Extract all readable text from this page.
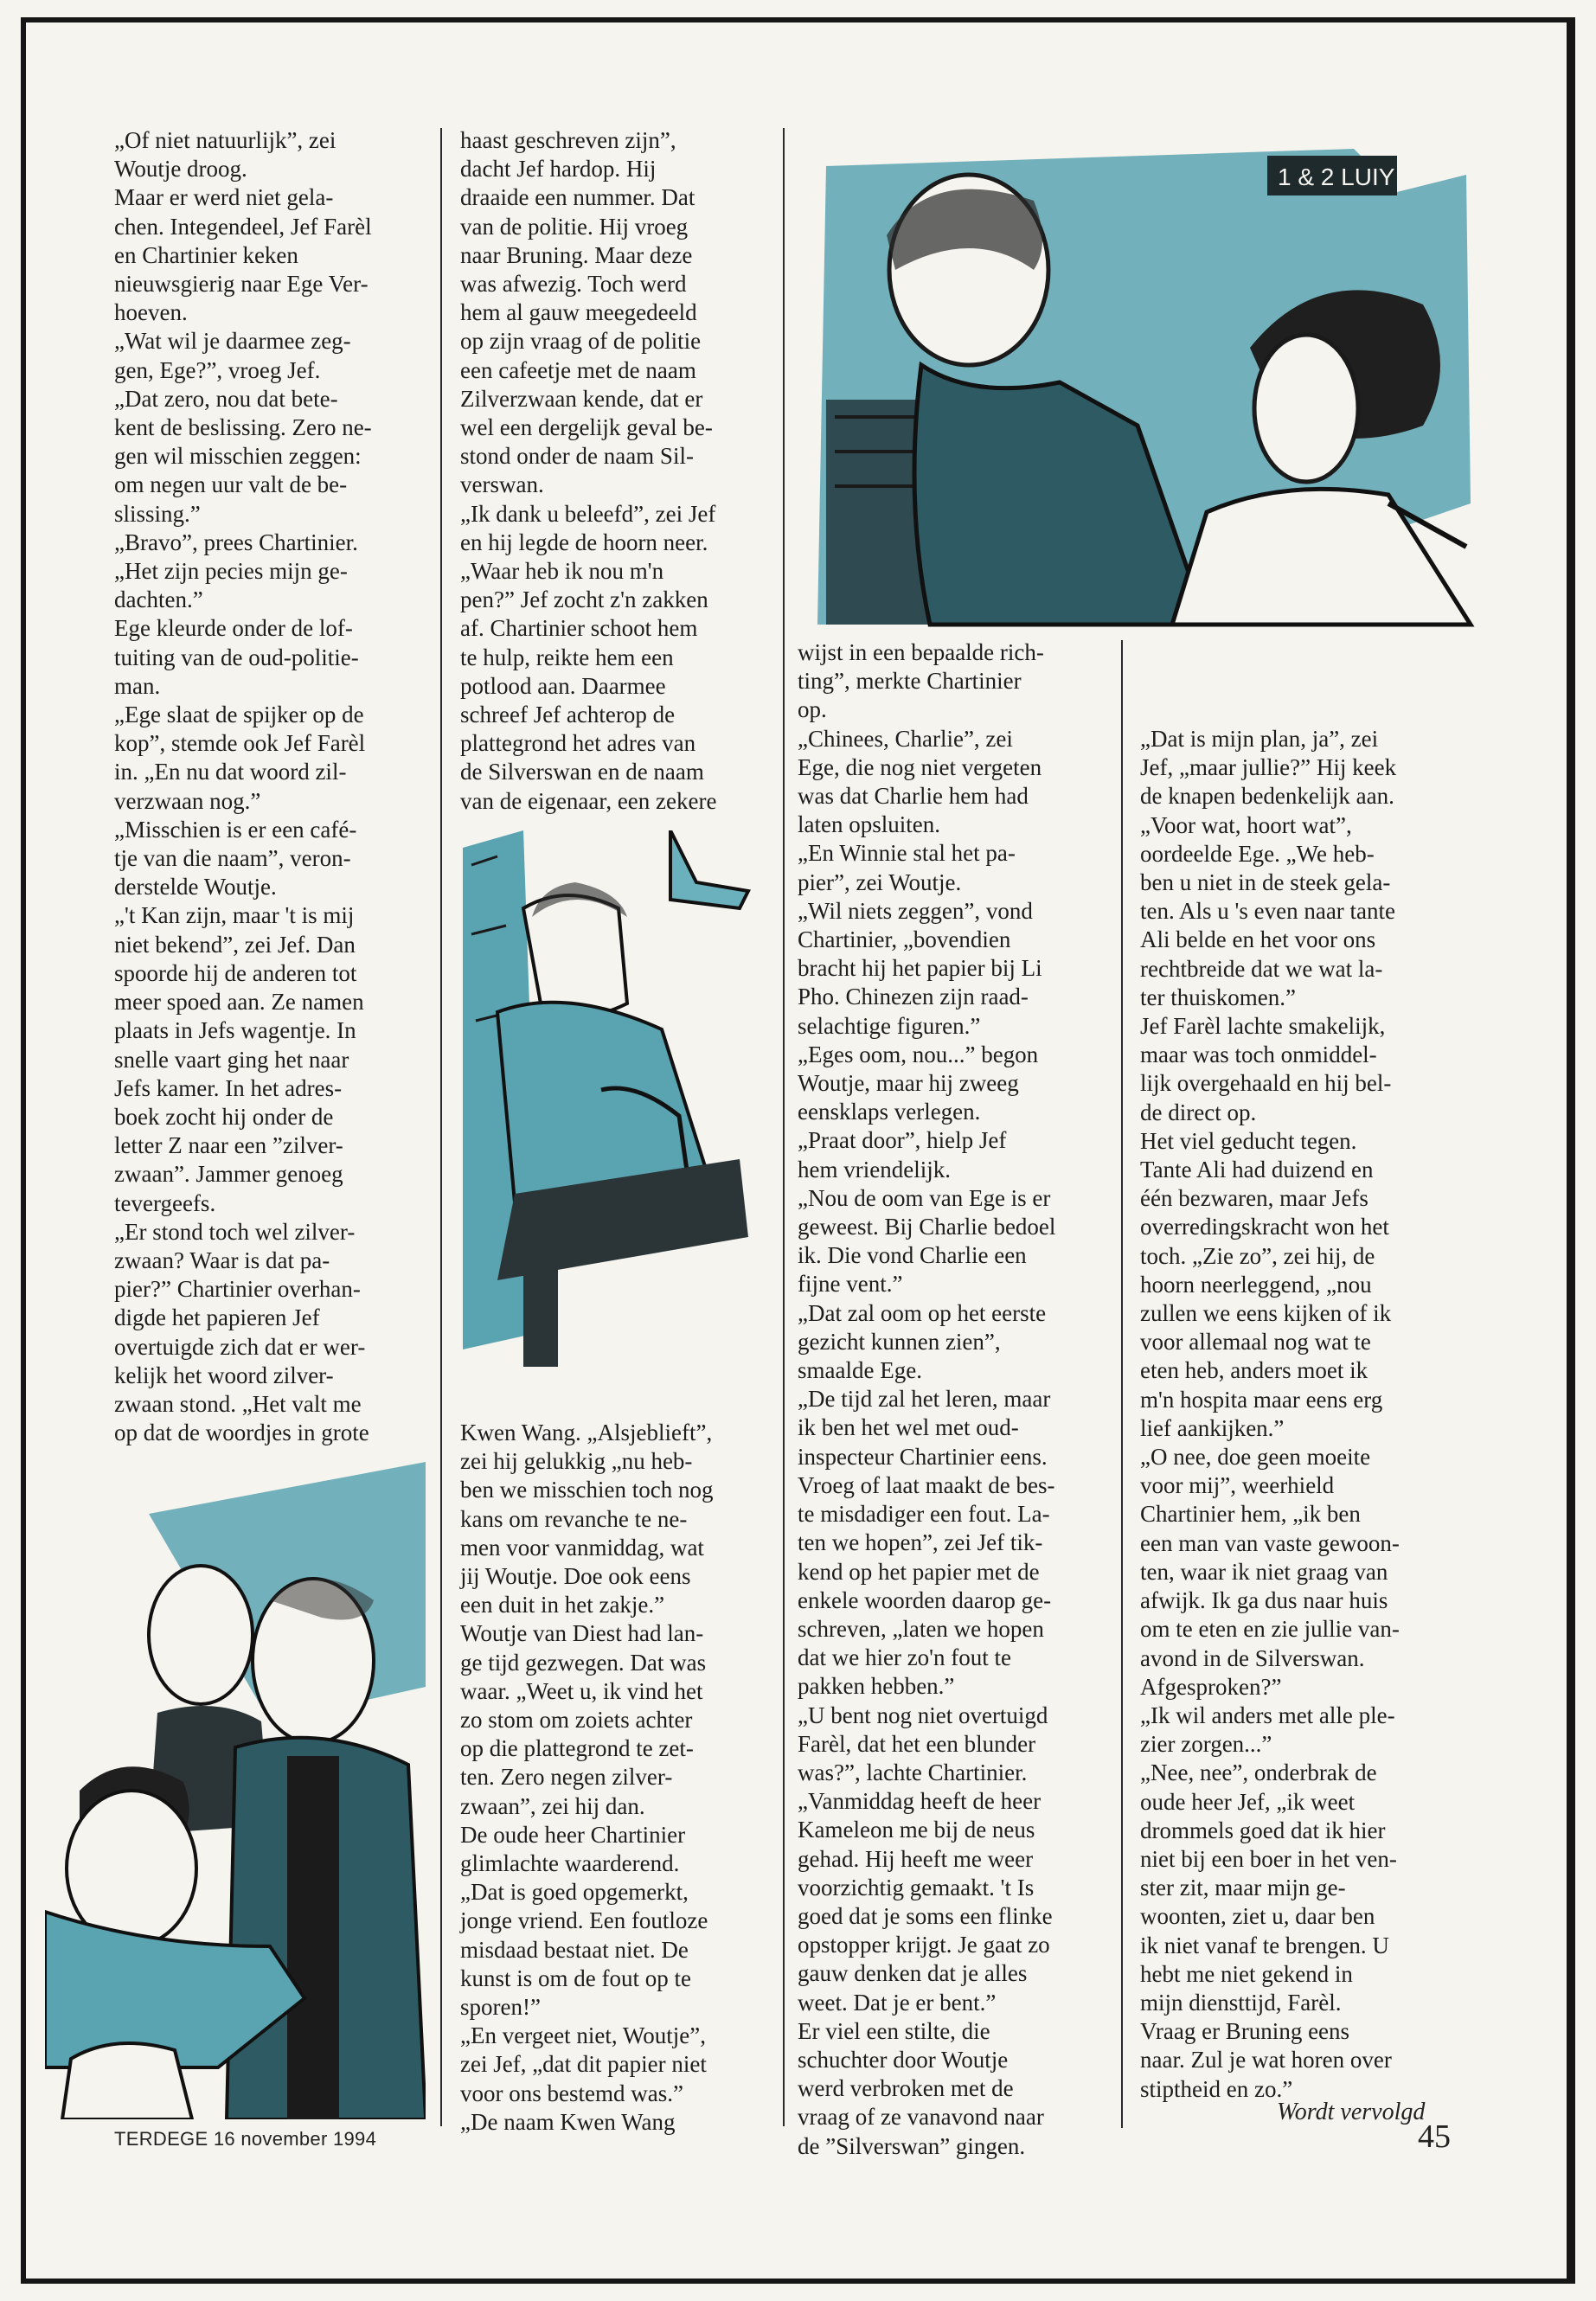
„Of niet natuurlijk”, zei
Woutje droog.
Maar er werd niet gela-
chen. Integendeel, Jef Farèl
en Chartinier keken
nieuwsgierig naar Ege Ver-
hoeven.
„Wat wil je daarmee zeg-
gen, Ege?”, vroeg Jef.
„Dat zero, nou dat bete-
kent de beslissing. Zero ne-
gen wil misschien zeggen:
om negen uur valt de be-
slissing.”
„Bravo”, prees Chartinier.
„Het zijn pecies mijn ge-
dachten.”
Ege kleurde onder de lof-
tuiting van de oud-politie-
man.
„Ege slaat de spijker op de
kop”, stemde ook Jef Farèl
in. „En nu dat woord zil-
verzwaan nog.”
„Misschien is er een café-
tje van die naam”, veron-
derstelde Woutje.
„'t Kan zijn, maar 't is mij
niet bekend”, zei Jef. Dan
spoorde hij de anderen tot
meer spoed aan. Ze namen
plaats in Jefs wagentje. In
snelle vaart ging het naar
Jefs kamer. In het adres-
boek zocht hij onder de
letter Z naar een ”zilver-
zwaan”. Jammer genoeg
tevergeefs.
„Er stond toch wel zilver-
zwaan? Waar is dat pa-
pier?” Chartinier overhan-
digde het papieren Jef
overtuigde zich dat er wer-
kelijk het woord zilver-
zwaan stond. „Het valt me
op dat de woordjes in grote

haast geschreven zijn”,
dacht Jef hardop. Hij
draaide een nummer. Dat
van de politie. Hij vroeg
naar Bruning. Maar deze
was afwezig. Toch werd
hem al gauw meegedeeld
op zijn vraag of de politie
een cafeetje met de naam
Zilverzwaan kende, dat er
wel een dergelijk geval be-
stond onder de naam Sil-
verswan.
„Ik dank u beleefd”, zei Jef
en hij legde de hoorn neer.
„Waar heb ik nou m'n
pen?” Jef zocht z'n zakken
af. Chartinier schoot hem
te hulp, reikte hem een
potlood aan. Daarmee
schreef Jef achterop de
plattegrond het adres van
de Silverswan en de naam
van de eigenaar, een zekere

Kwen Wang. „Alsjeblieft”,
zei hij gelukkig „nu heb-
ben we misschien toch nog
kans om revanche te ne-
men voor vanmiddag, wat
jij Woutje. Doe ook eens
een duit in het zakje.”
Woutje van Diest had lan-
ge tijd gezwegen. Dat was
waar. „Weet u, ik vind het
zo stom om zoiets achter
op die plattegrond te zet-
ten. Zero negen zilver-
zwaan”, zei hij dan.
De oude heer Chartinier
glimlachte waarderend.
„Dat is goed opgemerkt,
jonge vriend. Een foutloze
misdaad bestaat niet. De
kunst is om de fout op te
sporen!”
„En vergeet niet, Woutje”,
zei Jef, „dat dit papier niet
voor ons bestemd was.”
„De naam Kwen Wang

wijst in een bepaalde rich-
ting”, merkte Chartinier
op.
„Chinees, Charlie”, zei
Ege, die nog niet vergeten
was dat Charlie hem had
laten opsluiten.
„En Winnie stal het pa-
pier”, zei Woutje.
„Wil niets zeggen”, vond
Chartinier, „bovendien
bracht hij het papier bij Li
Pho. Chinezen zijn raad-
selachtige figuren.”
„Eges oom, nou...” begon
Woutje, maar hij zweeg
eensklaps verlegen.
„Praat door”, hielp Jef
hem vriendelijk.
„Nou de oom van Ege is er
geweest. Bij Charlie bedoel
ik. Die vond Charlie een
fijne vent.”
„Dat zal oom op het eerste
gezicht kunnen zien”,
smaalde Ege.
„De tijd zal het leren, maar
ik ben het wel met oud-
inspecteur Chartinier eens.
Vroeg of laat maakt de bes-
te misdadiger een fout. La-
ten we hopen”, zei Jef tik-
kend op het papier met de
enkele woorden daarop ge-
schreven, „laten we hopen
dat we hier zo'n fout te
pakken hebben.”
„U bent nog niet overtuigd
Farèl, dat het een blunder
was?”, lachte Chartinier.
„Vanmiddag heeft de heer
Kameleon me bij de neus
gehad. Hij heeft me weer
voorzichtig gemaakt. 't Is
goed dat je soms een flinke
opstopper krijgt. Je gaat zo
gauw denken dat je alles
weet. Dat je er bent.”
Er viel een stilte, die
schuchter door Woutje
werd verbroken met de
vraag of ze vanavond naar
de ”Silverswan” gingen.

„Dat is mijn plan, ja”, zei
Jef, „maar jullie?” Hij keek
de knapen bedenkelijk aan.
„Voor wat, hoort wat”,
oordeelde Ege. „We heb-
ben u niet in de steek gela-
ten. Als u 's even naar tante
Ali belde en het voor ons
rechtbreide dat we wat la-
ter thuiskomen.”
Jef Farèl lachte smakelijk,
maar was toch onmiddel-
lijk overgehaald en hij bel-
de direct op.
Het viel geducht tegen.
Tante Ali had duizend en
één bezwaren, maar Jefs
overredingskracht won het
toch. „Zie zo”, zei hij, de
hoorn neerleggend, „nou
zullen we eens kijken of ik
voor allemaal nog wat te
eten heb, anders moet ik
m'n hospita maar eens erg
lief aankijken.”
„O nee, doe geen moeite
voor mij”, weerhield
Chartinier hem, „ik ben
een man van vaste gewoon-
ten, waar ik niet graag van
afwijk. Ik ga dus naar huis
om te eten en zie jullie van-
avond in de Silverswan.
Afgesproken?”
„Ik wil anders met alle ple-
zier zorgen...”
„Nee, nee”, onderbrak de
oude heer Jef, „ik weet
drommels goed dat ik hier
niet bij een boer in het ven-
ster zit, maar mijn ge-
woonten, ziet u, daar ben
ik niet vanaf te brengen. U
hebt me niet gekend in
mijn diensttijd, Farèl.
Vraag er Bruning eens
naar. Zul je wat horen over
stiptheid en zo.”

1 & 2 LUIY
Wordt vervolgd
TERDEGE 16 november 1994	45
